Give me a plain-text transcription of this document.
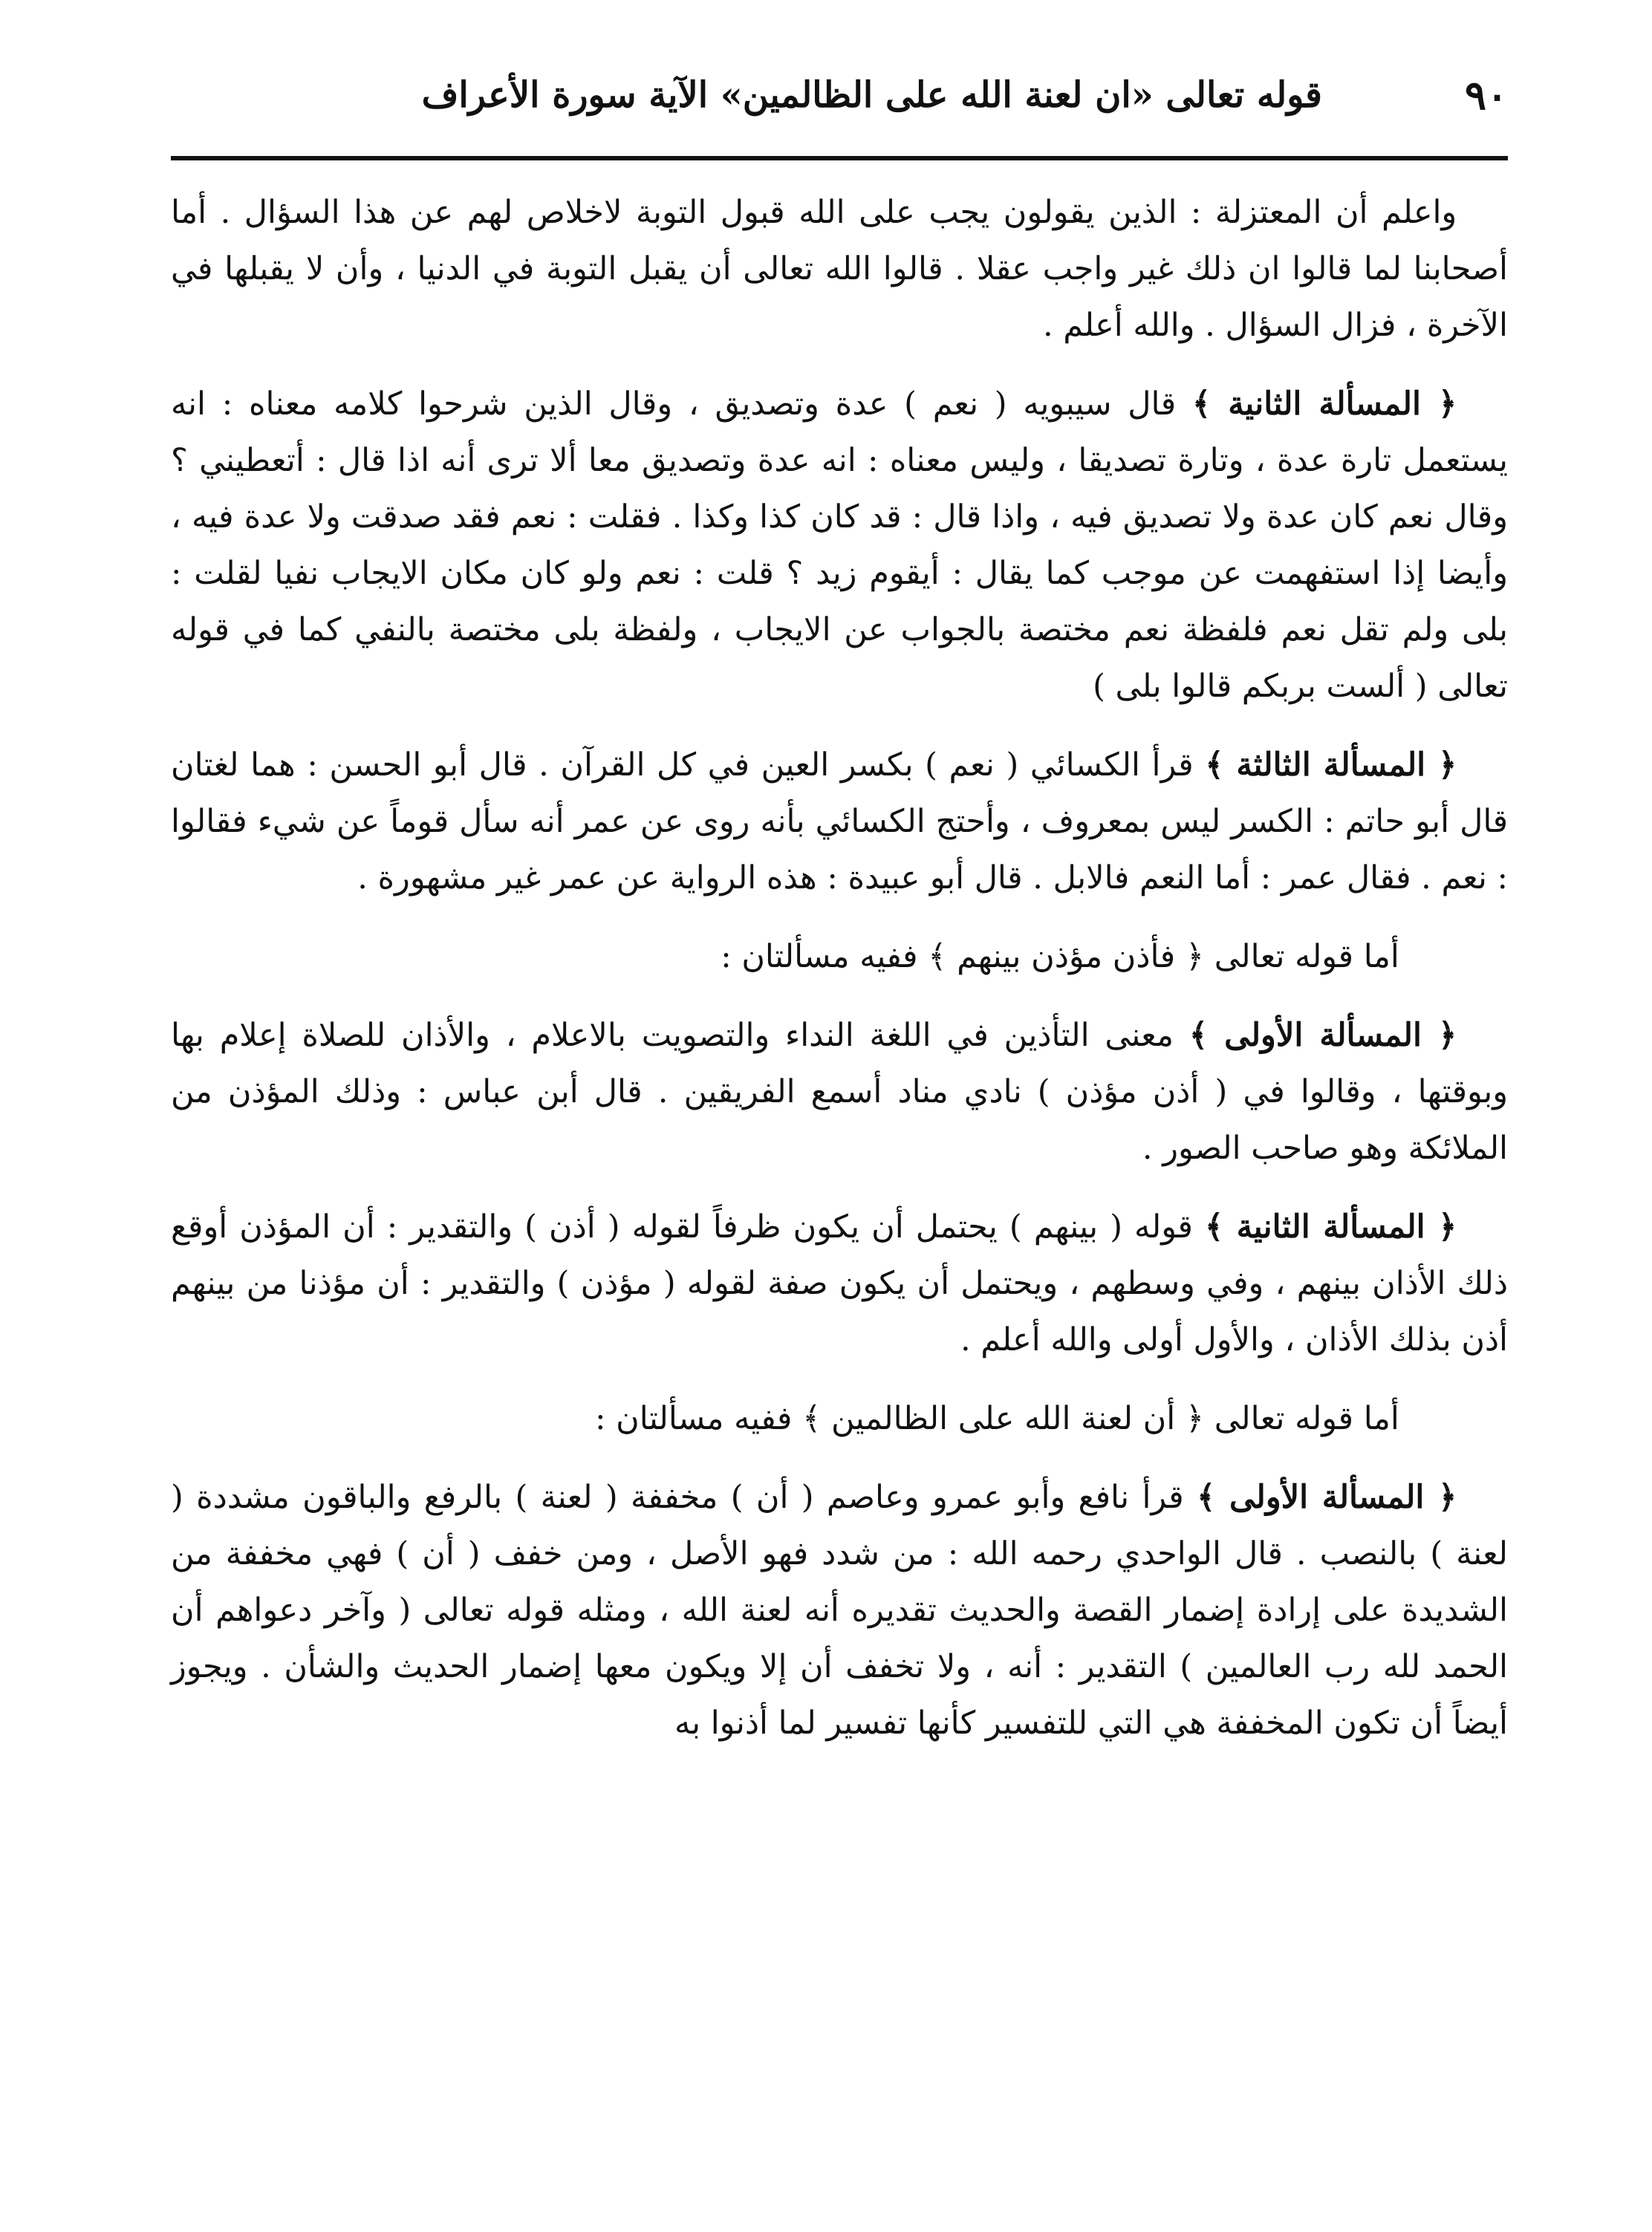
٩٠
قوله تعالى «ان لعنة الله على الظالمين» الآية سورة الأعراف

واعلم أن المعتزلة : الذين يقولون يجب على الله قبول التوبة لاخلاص لهم عن هذا السؤال . أما أصحابنا لما قالوا ان ذلك غير واجب عقلا . قالوا الله تعالى أن يقبل التوبة في الدنيا ، وأن لا يقبلها في الآخرة ، فزال السؤال . والله أعلم .

﴿ المسألة الثانية ﴾ قال سيبويه ( نعم ) عدة وتصديق ، وقال الذين شرحوا كلامه معناه : انه يستعمل تارة عدة ، وتارة تصديقا ، وليس معناه : انه عدة وتصديق معا ألا ترى أنه اذا قال : أتعطيني ؟ وقال نعم كان عدة ولا تصديق فيه ، واذا قال : قد كان كذا وكذا . فقلت : نعم فقد صدقت ولا عدة فيه ، وأيضا إذا استفهمت عن موجب كما يقال : أيقوم زيد ؟ قلت : نعم ولو كان مكان الايجاب نفيا لقلت : بلى ولم تقل نعم فلفظة نعم مختصة بالجواب عن الايجاب ، ولفظة بلى مختصة بالنفي كما في قوله تعالى ( ألست بربكم قالوا بلى )

﴿ المسألة الثالثة ﴾ قرأ الكسائي ( نعم ) بكسر العين في كل القرآن . قال أبو الحسن : هما لغتان قال أبو حاتم : الكسر ليس بمعروف ، وأحتج الكسائي بأنه روى عن عمر أنه سأل قوماً عن شيء فقالوا : نعم . فقال عمر : أما النعم فالابل . قال أبو عبيدة : هذه الرواية عن عمر غير مشهورة .

أما قوله تعالى ﴿ فأذن مؤذن بينهم ﴾ ففيه مسألتان :

﴿ المسألة الأولى ﴾ معنى التأذين في اللغة النداء والتصويت بالاعلام ، والأذان للصلاة إعلام بها وبوقتها ، وقالوا في ( أذن مؤذن ) نادي مناد أسمع الفريقين . قال أبن عباس : وذلك المؤذن من الملائكة وهو صاحب الصور .

﴿ المسألة الثانية ﴾ قوله ( بينهم ) يحتمل أن يكون ظرفاً لقوله ( أذن ) والتقدير : أن المؤذن أوقع ذلك الأذان بينهم ، وفي وسطهم ، ويحتمل أن يكون صفة لقوله ( مؤذن ) والتقدير : أن مؤذنا من بينهم أذن بذلك الأذان ، والأول أولى والله أعلم .

أما قوله تعالى ﴿ أن لعنة الله على الظالمين ﴾ ففيه مسألتان :

﴿ المسألة الأولى ﴾ قرأ نافع وأبو عمرو وعاصم ( أن ) مخففة ( لعنة ) بالرفع والباقون مشددة ( لعنة ) بالنصب . قال الواحدي رحمه الله : من شدد فهو الأصل ، ومن خفف ( أن ) فهي مخففة من الشديدة على إرادة إضمار القصة والحديث تقديره أنه لعنة الله ، ومثله قوله تعالى ( وآخر دعواهم أن الحمد لله رب العالمين ) التقدير : أنه ، ولا تخفف أن إلا ويكون معها إضمار الحديث والشأن . ويجوز أيضاً أن تكون المخففة هي التي للتفسير كأنها تفسير لما أذنوا به
